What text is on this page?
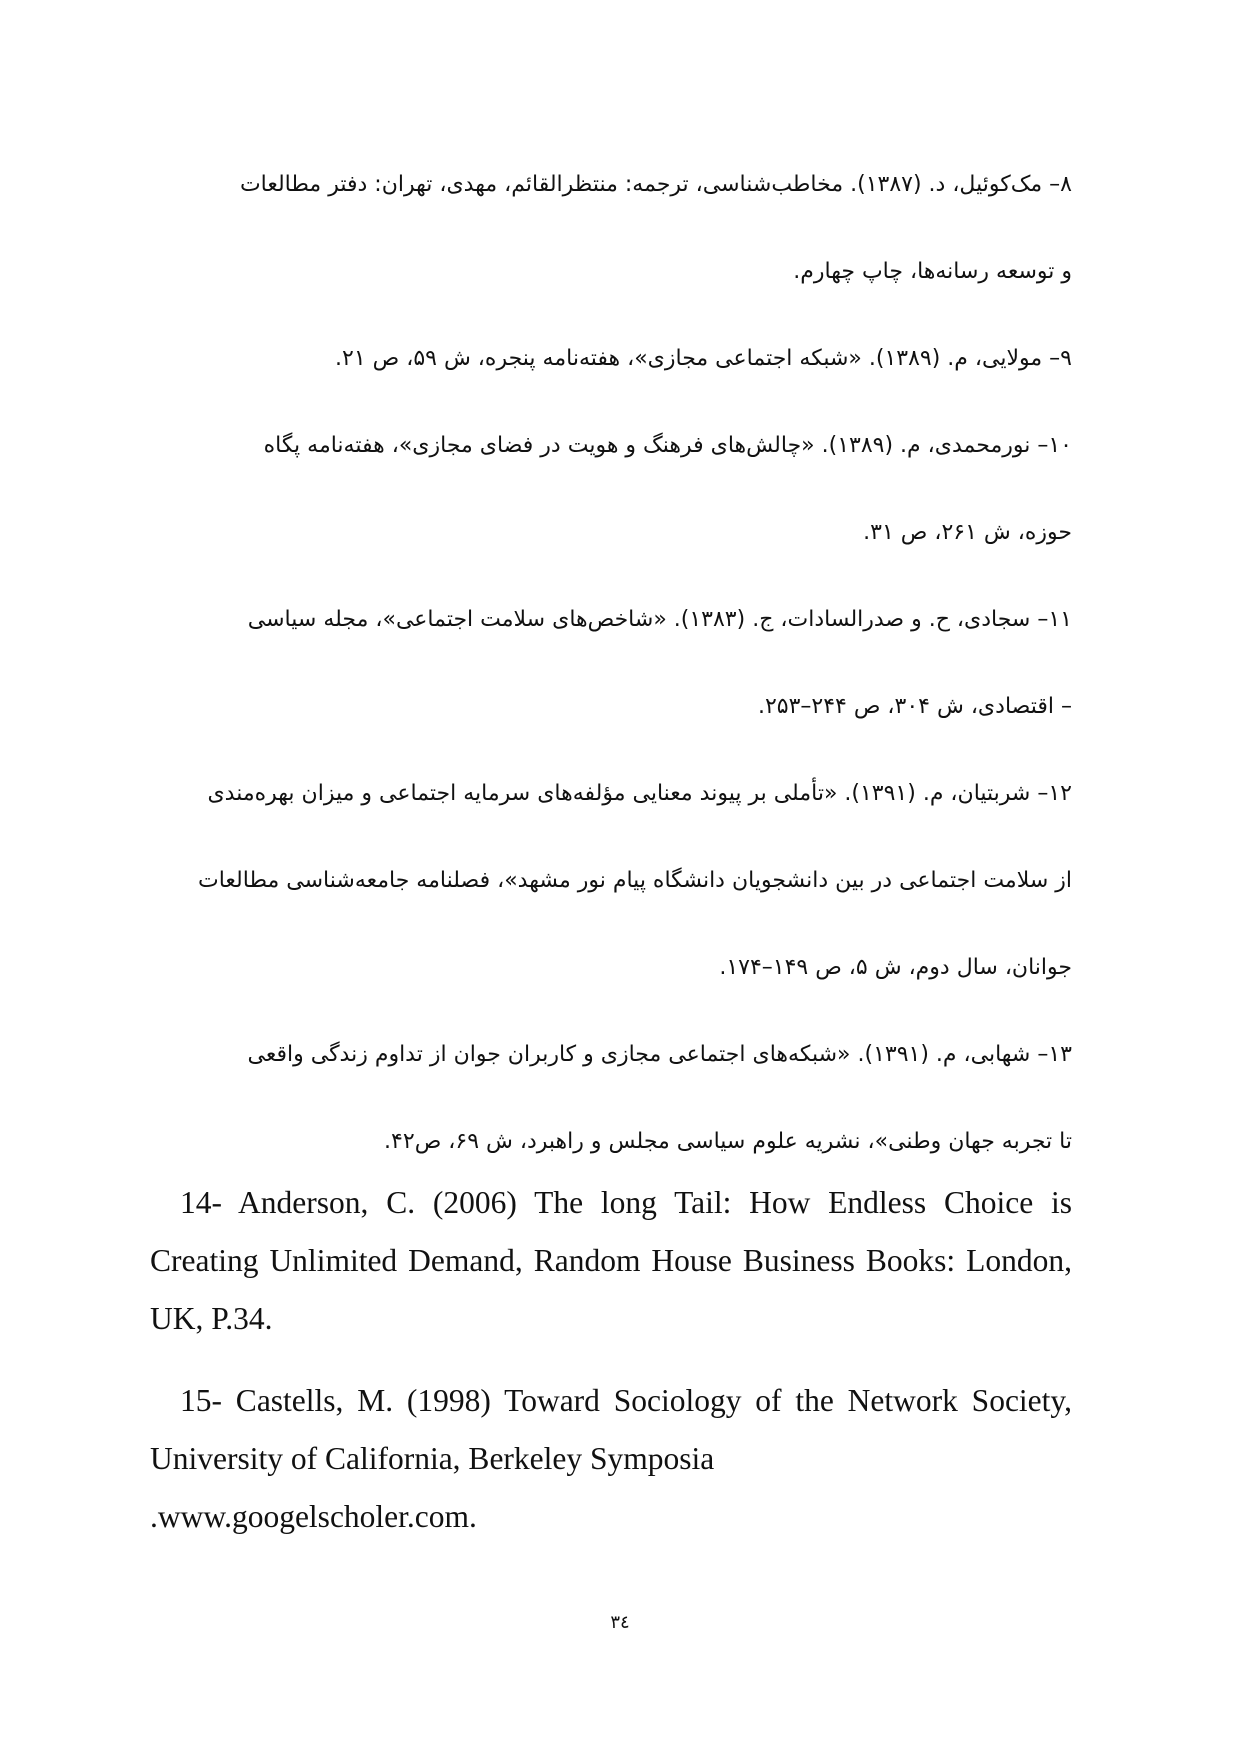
۸– مک‌کوئیل، د. (۱۳۸۷). مخاطب‌شناسی، ترجمه: منتظرالقائم، مهدی، تهران: دفتر مطالعات
و توسعه رسانه‌ها، چاپ چهارم.

۹– مولایی، م. (۱۳۸۹). «شبکه اجتماعی مجازی»، هفته‌نامه پنجره، ش ۵۹، ص ۲۱.

۱۰– نورمحمدی، م. (۱۳۸۹). «چالش‌های فرهنگ و هویت در فضای مجازی»، هفته‌نامه پگاه
حوزه، ش ۲۶۱، ص ۳۱.

۱۱– سجادی، ح. و صدرالسادات، ج. (۱۳۸۳). «شاخص‌های سلامت اجتماعی»، مجله سیاسی
– اقتصادی، ش ۳۰۴، ص ۲۴۴–۲۵۳.

۱۲– شربتیان، م. (۱۳۹۱). «تأملی بر پیوند معنایی مؤلفه‌های سرمایه اجتماعی و میزان بهره‌مندی
از سلامت اجتماعی در بین دانشجویان دانشگاه پیام نور مشهد»، فصلنامه جامعه‌شناسی مطالعات
جوانان، سال دوم، ش ۵، ص ۱۴۹–۱۷۴.

۱۳– شهابی، م. (۱۳۹۱). «شبکه‌های اجتماعی مجازی و کاربران جوان از تداوم زندگی واقعی
تا تجربه جهان وطنی»، نشریه علوم سیاسی مجلس و راهبرد، ش ۶۹، ص۴۲.

14- Anderson, C. (2006) The long Tail: How Endless Choice is Creating Unlimited Demand, Random House Business Books: London, UK, P.34.

15- Castells, M. (1998) Toward Sociology of the Network Society, University of California, Berkeley Symposia
.www.googelscholer.com.

۳٤
